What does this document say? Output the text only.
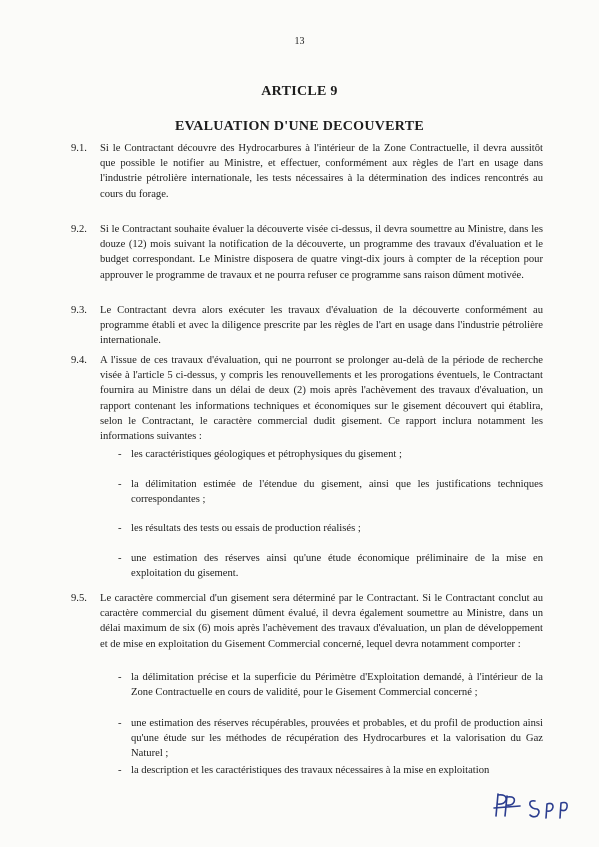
13
ARTICLE 9
EVALUATION D'UNE DECOUVERTE
9.1. Si le Contractant découvre des Hydrocarbures à l'intérieur de la Zone Contractuelle, il devra aussitôt que possible le notifier au Ministre, et effectuer, conformément aux règles de l'art en usage dans l'industrie pétrolière internationale, les tests nécessaires à la détermination des indices rencontrés au cours du forage.
9.2. Si le Contractant souhaite évaluer la découverte visée ci-dessus, il devra soumettre au Ministre, dans les douze (12) mois suivant la notification de la découverte, un programme des travaux d'évaluation et le budget correspondant. Le Ministre disposera de quatre vingt-dix jours à compter de la réception pour approuver le programme de travaux et ne pourra refuser ce programme sans raison dûment motivée.
9.3. Le Contractant devra alors exécuter les travaux d'évaluation de la découverte conformément au programme établi et avec la diligence prescrite par les règles de l'art en usage dans l'industrie pétrolière internationale.
9.4. A l'issue de ces travaux d'évaluation, qui ne pourront se prolonger au-delà de la période de recherche visée à l'article 5 ci-dessus, y compris les renouvellements et les prorogations éventuels, le Contractant fournira au Ministre dans un délai de deux (2) mois après l'achèvement des travaux d'évaluation, un rapport contenant les informations techniques et économiques sur le gisement découvert qui établira, selon le Contractant, le caractère commercial dudit gisement. Ce rapport inclura notamment les informations suivantes :
- les caractéristiques géologiques et pétrophysiques du gisement ;
- la délimitation estimée de l'étendue du gisement, ainsi que les justifications techniques correspondantes ;
- les résultats des tests ou essais de production réalisés ;
- une estimation des réserves ainsi qu'une étude économique préliminaire de la mise en exploitation du gisement.
9.5. Le caractère commercial d'un gisement sera déterminé par le Contractant. Si le Contractant conclut au caractère commercial du gisement dûment évalué, il devra également soumettre au Ministre, dans un délai maximum de six (6) mois après l'achèvement des travaux d'évaluation, un plan de développement et de mise en exploitation du Gisement Commercial concerné, lequel devra notamment comporter :
- la délimitation précise et la superficie du Périmètre d'Exploitation demandé, à l'intérieur de la Zone Contractuelle en cours de validité, pour le Gisement Commercial concerné ;
- une estimation des réserves récupérables, prouvées et probables, et du profil de production ainsi qu'une étude sur les méthodes de récupération des Hydrocarbures et la valorisation du Gaz Naturel ;
- la description et les caractéristiques des travaux nécessaires à la mise en exploitation
